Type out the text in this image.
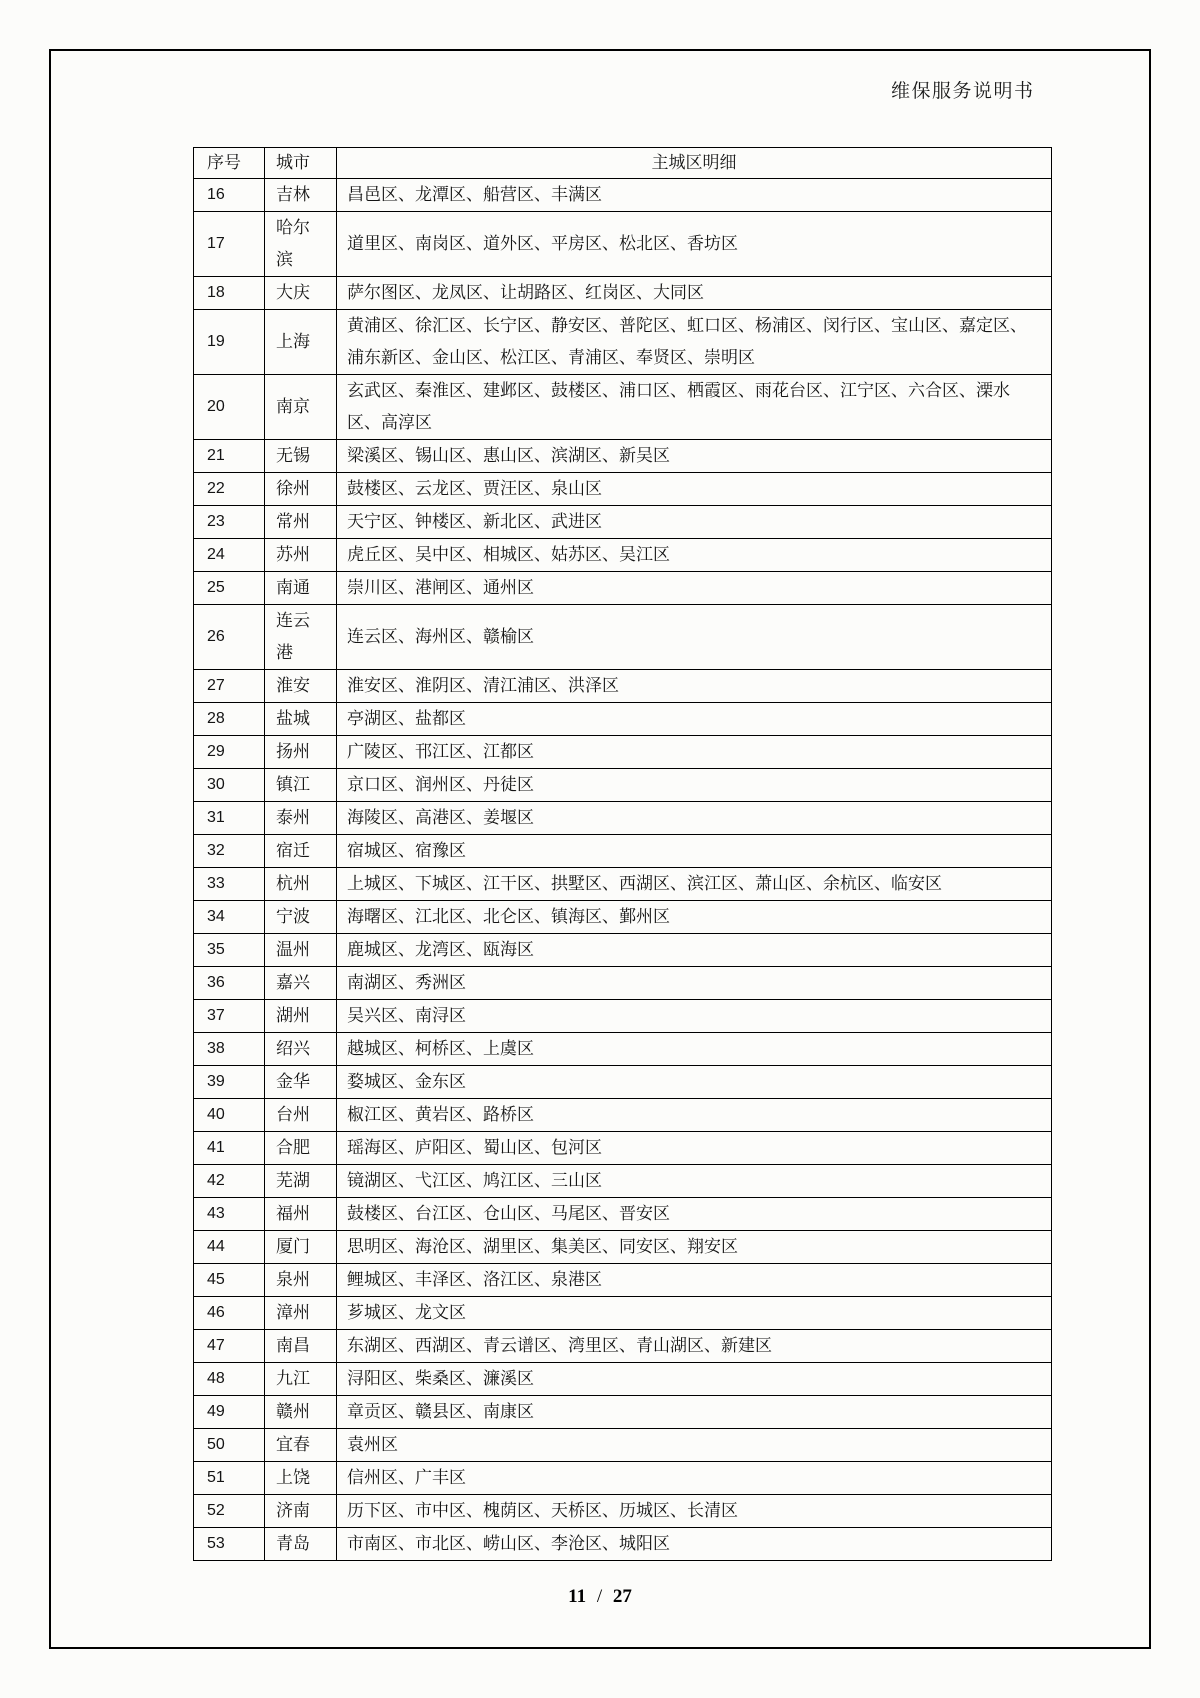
维保服务说明书
序号	城市	主城区明细
16	吉林	昌邑区、龙潭区、船营区、丰满区
17	哈尔滨	道里区、南岗区、道外区、平房区、松北区、香坊区
18	大庆	萨尔图区、龙凤区、让胡路区、红岗区、大同区
19	上海	黄浦区、徐汇区、长宁区、静安区、普陀区、虹口区、杨浦区、闵行区、宝山区、嘉定区、浦东新区、金山区、松江区、青浦区、奉贤区、崇明区
20	南京	玄武区、秦淮区、建邺区、鼓楼区、浦口区、栖霞区、雨花台区、江宁区、六合区、溧水区、高淳区
21	无锡	梁溪区、锡山区、惠山区、滨湖区、新吴区
22	徐州	鼓楼区、云龙区、贾汪区、泉山区
23	常州	天宁区、钟楼区、新北区、武进区
24	苏州	虎丘区、吴中区、相城区、姑苏区、吴江区
25	南通	崇川区、港闸区、通州区
26	连云港	连云区、海州区、赣榆区
27	淮安	淮安区、淮阴区、清江浦区、洪泽区
28	盐城	亭湖区、盐都区
29	扬州	广陵区、邗江区、江都区
30	镇江	京口区、润州区、丹徒区
31	泰州	海陵区、高港区、姜堰区
32	宿迁	宿城区、宿豫区
33	杭州	上城区、下城区、江干区、拱墅区、西湖区、滨江区、萧山区、余杭区、临安区
34	宁波	海曙区、江北区、北仑区、镇海区、鄞州区
35	温州	鹿城区、龙湾区、瓯海区
36	嘉兴	南湖区、秀洲区
37	湖州	吴兴区、南浔区
38	绍兴	越城区、柯桥区、上虞区
39	金华	婺城区、金东区
40	台州	椒江区、黄岩区、路桥区
41	合肥	瑶海区、庐阳区、蜀山区、包河区
42	芜湖	镜湖区、弋江区、鸠江区、三山区
43	福州	鼓楼区、台江区、仓山区、马尾区、晋安区
44	厦门	思明区、海沧区、湖里区、集美区、同安区、翔安区
45	泉州	鲤城区、丰泽区、洛江区、泉港区
46	漳州	芗城区、龙文区
47	南昌	东湖区、西湖区、青云谱区、湾里区、青山湖区、新建区
48	九江	浔阳区、柴桑区、濂溪区
49	赣州	章贡区、赣县区、南康区
50	宜春	袁州区
51	上饶	信州区、广丰区
52	济南	历下区、市中区、槐荫区、天桥区、历城区、长清区
53	青岛	市南区、市北区、崂山区、李沧区、城阳区
11 / 27
